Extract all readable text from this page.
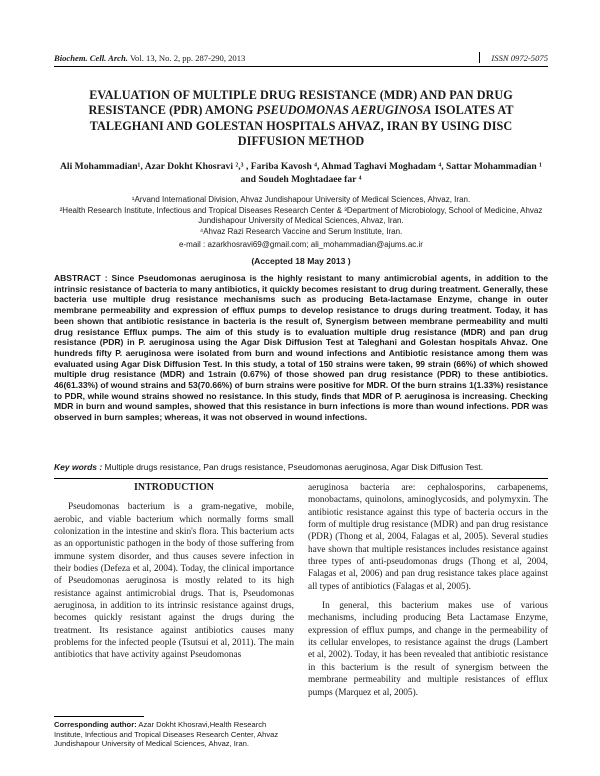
Biochem. Cell. Arch. Vol. 13, No. 2, pp. 287-290, 2013	ISSN 0972-5075
EVALUATION OF MULTIPLE DRUG RESISTANCE (MDR) AND PAN DRUG RESISTANCE (PDR) AMONG PSEUDOMONAS AERUGINOSA ISOLATES AT TALEGHANI AND GOLESTAN HOSPITALS AHVAZ, IRAN BY USING DISC DIFFUSION METHOD
Ali Mohammadian¹, Azar Dokht Khosravi ²,³ , Fariba Kavosh ⁴, Ahmad Taghavi Moghadam ⁴, Sattar Mohammadian ¹ and Soudeh Moghtadaee far ⁴
¹Arvand International Division, Ahvaz Jundishapour University of Medical Sciences, Ahvaz, Iran.
²Health Research Institute, Infectious and Tropical Diseases Research Center & ³Department of Microbiology, School of Medicine, Ahvaz Jundishapour University of Medical Sciences, Ahvaz, Iran.
⁴Ahvaz Razi Research Vaccine and Serum Institute, Iran.
e-mail : azarkhosravi69@gmail.com; ali_mohammadian@ajums.ac.ir
(Accepted 18 May 2013 )
ABSTRACT : Since Pseudomonas aeruginosa is the highly resistant to many antimicrobial agents, in addition to the intrinsic resistance of bacteria to many antibiotics, it quickly becomes resistant to drug during treatment. Generally, these bacteria use multiple drug resistance mechanisms such as producing Beta-lactamase Enzyme, change in outer membrane permeability and expression of efflux pumps to develop resistance to drugs during treatment. Today, it has been shown that antibiotic resistance in bacteria is the result of, Synergism between membrane permeability and multi drug resistance Efflux pumps. The aim of this study is to evaluation multiple drug resistance (MDR) and pan drug resistance (PDR) in P. aeruginosa using the Agar Disk Diffusion Test at Taleghani and Golestan hospitals Ahvaz. One hundreds fifty P. aeruginosa were isolated from burn and wound infections and Antibiotic resistance among them was evaluated using Agar Disk Diffusion Test. In this study, a total of 150 strains were taken, 99 strain (66%) of which showed multiple drug resistance (MDR) and 1strain (0.67%) of those showed pan drug resistance (PDR) to these antibiotics. 46(61.33%) of wound strains and 53(70.66%) of burn strains were positive for MDR. Of the burn strains 1(1.33%) resistance to PDR, while wound strains showed no resistance. In this study, finds that MDR of P. aeruginosa is increasing. Checking MDR in burn and wound samples, showed that this resistance in burn infections is more than wound infections. PDR was observed in burn samples; whereas, it was not observed in wound infections.
Key words : Multiple drugs resistance, Pan drugs resistance, Pseudomonas aeruginosa, Agar Disk Diffusion Test.

INTRODUCTION

Pseudomonas bacterium is a gram-negative, mobile, aerobic, and viable bacterium which normally forms small colonization in the intestine and skin's flora. This bacterium acts as an opportunistic pathogen in the body of those suffering from immune system disorder, and thus causes severe infection in their bodies (Defeza et al, 2004). Today, the clinical importance of Pseudomonas aeruginosa is mostly related to its high resistance against antimicrobial drugs. That is, Pseudomonas aeruginosa, in addition to its intrinsic resistance against drugs, becomes quickly resistant against the drugs during the treatment. Its resistance against antibiotics causes many problems for the infected people (Tsutsui et al, 2011). The main antibiotics that have activity against Pseudomonas

aeruginosa bacteria are: cephalosporins, carbapenems, monobactams, quinolons, aminoglycosids, and polymyxin. The antibiotic resistance against this type of bacteria occurs in the form of multiple drug resistance (MDR) and pan drug resistance (PDR) (Thong et al, 2004, Falagas et al, 2005). Several studies have shown that multiple resistances includes resistance against three types of anti-pseudomonas drugs (Thong et al, 2004, Falagas et al, 2006) and pan drug resistance takes place against all types of antibiotics (Falagas et al, 2005).

In general, this bacterium makes use of various mechanisms, including producing Beta Lactamase Enzyme, expression of efflux pumps, and change in the permeability of its cellular envelopes, to resistance against the drugs (Lambert et al, 2002). Today, it has been revealed that antibiotic resistance in this bacterium is the result of synergism between the membrane permeability and multiple resistances of efflux pumps (Marquez et al, 2005).

Corresponding author: Azar Dokht Khosravi,Health Research Institute, Infectious and Tropical Diseases Research Center, Ahvaz Jundishapour University of Medical Sciences, Ahvaz, Iran.
